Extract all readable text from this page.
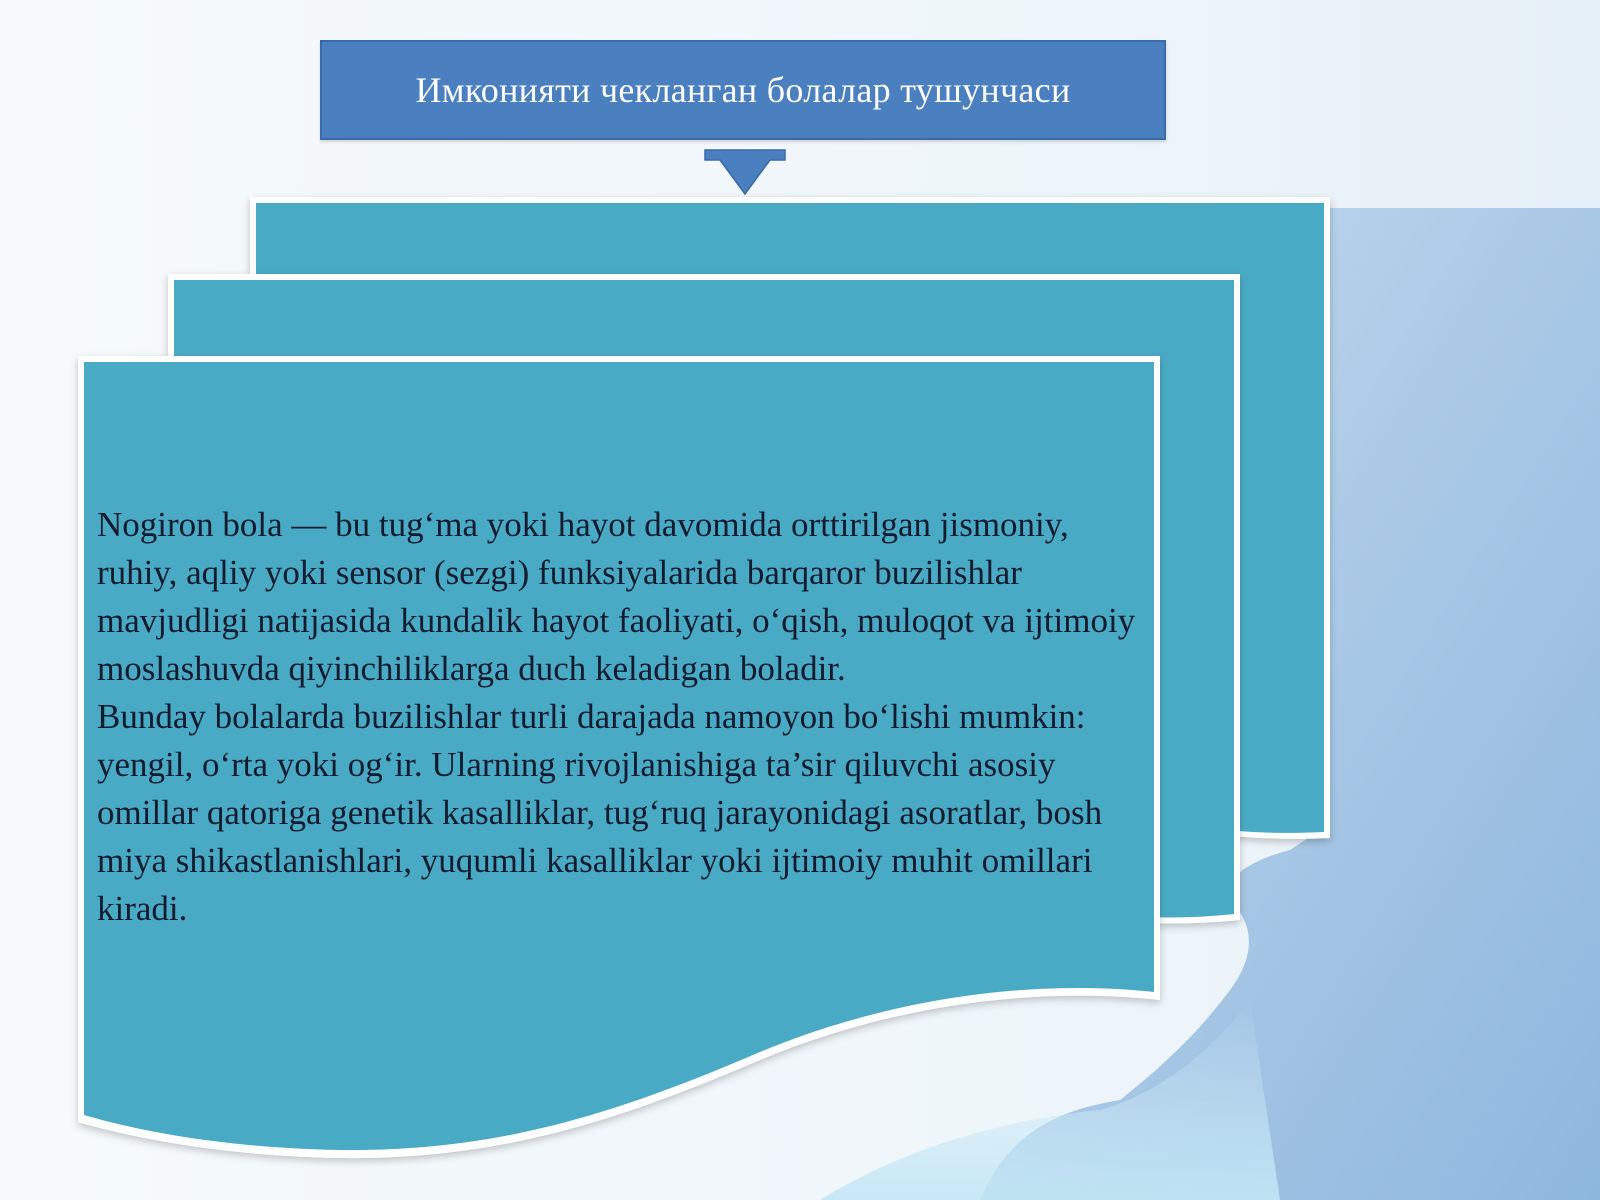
Имконияти чекланган болалар тушунчаси

Nogiron bola — bu tug‘ma yoki hayot davomida orttirilgan jismoniy, ruhiy, aqliy yoki sensor (sezgi) funksiyalarida barqaror buzilishlar mavjudligi natijasida kundalik hayot faoliyati, o‘qish, muloqot va ijtimoiy moslashuvda qiyinchiliklarga duch keladigan boladir.

Bunday bolalarda buzilishlar turli darajada namoyon bo‘lishi mumkin: yengil, o‘rta yoki og‘ir. Ularning rivojlanishiga ta’sir qiluvchi asosiy omillar qatoriga genetik kasalliklar, tug‘ruq jarayonidagi asoratlar, bosh miya shikastlanishlari, yuqumli kasalliklar yoki ijtimoiy muhit omillari kiradi.
